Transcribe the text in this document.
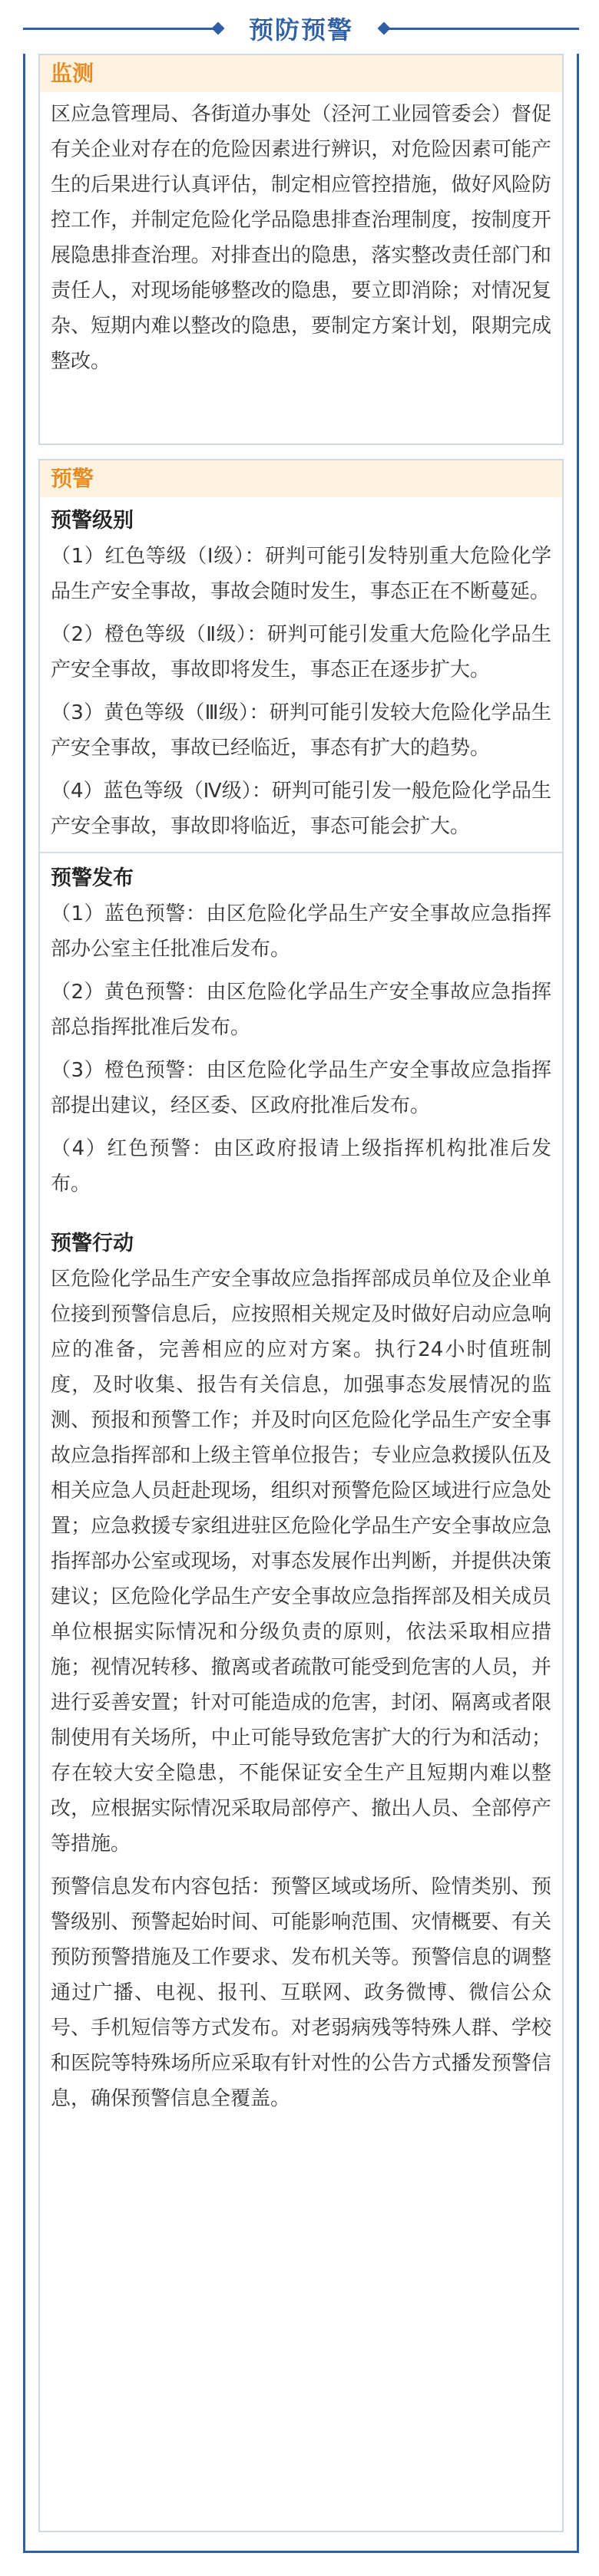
预防预警
监测
区应急管理局、各街道办事处（泾河工业园管委会）督促有关企业对存在的危险因素进行辨识，对危险因素可能产生的后果进行认真评估，制定相应管控措施，做好风险防控工作，并制定危险化学品隐患排查治理制度，按制度开展隐患排查治理。对排查出的隐患，落实整改责任部门和责任人，对现场能够整改的隐患，要立即消除；对情况复杂、短期内难以整改的隐患，要制定方案计划，限期完成整改。
预警
预警级别
（1）红色等级（Ⅰ级）：研判可能引发特别重大危险化学品生产安全事故，事故会随时发生，事态正在不断蔓延。
（2）橙色等级（Ⅱ级）：研判可能引发重大危险化学品生产安全事故，事故即将发生，事态正在逐步扩大。
（3）黄色等级（Ⅲ级）：研判可能引发较大危险化学品生产安全事故，事故已经临近，事态有扩大的趋势。
（4）蓝色等级（Ⅳ级）：研判可能引发一般危险化学品生产安全事故，事故即将临近，事态可能会扩大。
预警发布
（1）蓝色预警：由区危险化学品生产安全事故应急指挥部办公室主任批准后发布。
（2）黄色预警：由区危险化学品生产安全事故应急指挥部总指挥批准后发布。
（3）橙色预警：由区危险化学品生产安全事故应急指挥部提出建议，经区委、区政府批准后发布。
（4）红色预警：由区政府报请上级指挥机构批准后发布。
预警行动
区危险化学品生产安全事故应急指挥部成员单位及企业单位接到预警信息后，应按照相关规定及时做好启动应急响应的准备，完善相应的应对方案。执行24小时值班制度，及时收集、报告有关信息，加强事态发展情况的监测、预报和预警工作；并及时向区危险化学品生产安全事故应急指挥部和上级主管单位报告；专业应急救援队伍及相关应急人员赶赴现场，组织对预警危险区域进行应急处置；应急救援专家组进驻区危险化学品生产安全事故应急指挥部办公室或现场，对事态发展作出判断，并提供决策建议；区危险化学品生产安全事故应急指挥部及相关成员单位根据实际情况和分级负责的原则，依法采取相应措施；视情况转移、撤离或者疏散可能受到危害的人员，并进行妥善安置；针对可能造成的危害，封闭、隔离或者限制使用有关场所，中止可能导致危害扩大的行为和活动；存在较大安全隐患，不能保证安全生产且短期内难以整改，应根据实际情况采取局部停产、撤出人员、全部停产等措施。
预警信息发布内容包括：预警区域或场所、险情类别、预警级别、预警起始时间、可能影响范围、灾情概要、有关预防预警措施及工作要求、发布机关等。预警信息的调整通过广播、电视、报刊、互联网、政务微博、微信公众号、手机短信等方式发布。对老弱病残等特殊人群、学校和医院等特殊场所应采取有针对性的公告方式播发预警信息，确保预警信息全覆盖。
